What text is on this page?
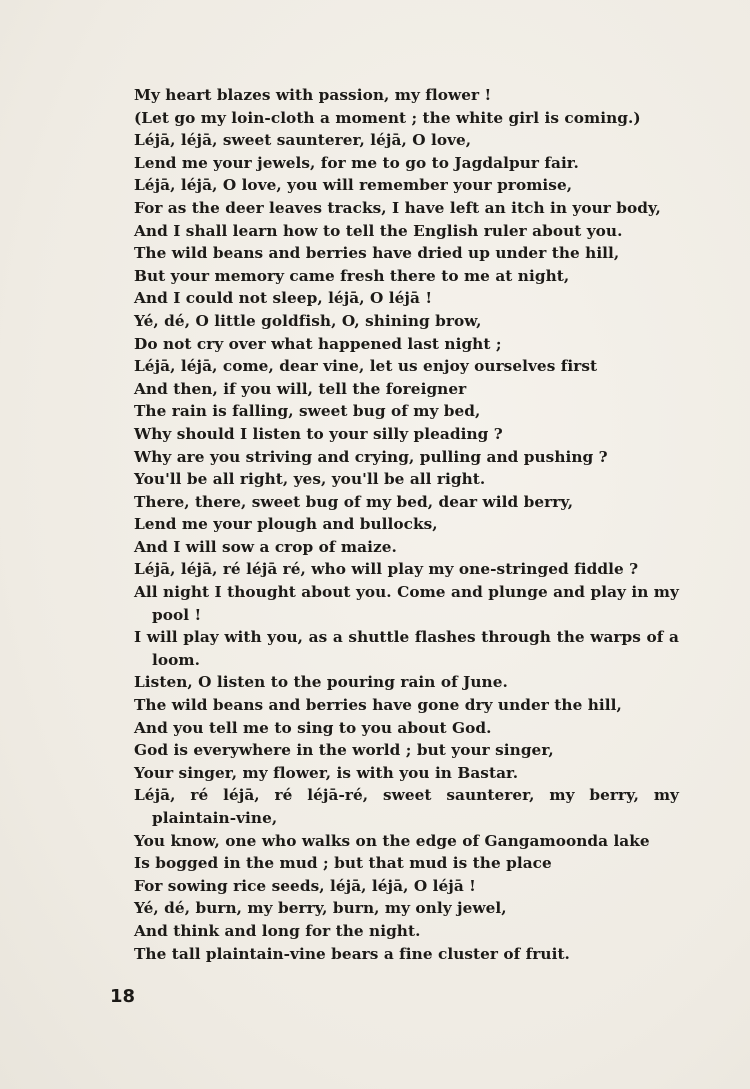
My heart blazes with passion, my flower !

(Let go my loin-cloth a moment ; the white girl is coming.)

Léjā, léjā, sweet saunterer, léjā, O love,

Lend me your jewels, for me to go to Jagdalpur fair.

Léjā, léjā, O love, you will remember your promise,

For as the deer leaves tracks, I have left an itch in your body,

And I shall learn how to tell the English ruler about you.

The wild beans and berries have dried up under the hill,

But your memory came fresh there to me at night,

And I could not sleep, léjā, O léjā !

Yé, dé, O little goldfish, O, shining brow,

Do not cry over what happened last night ;

Léjā, léjā, come, dear vine, let us enjoy ourselves first

And then, if you will, tell the foreigner

The rain is falling, sweet bug of my bed,

Why should I listen to your silly pleading ?

Why are you striving and crying, pulling and pushing ?

You'll be all right, yes, you'll be all right.

There, there, sweet bug of my bed, dear wild berry,

Lend me your plough and bullocks,

And I will sow a crop of maize.

Léjā, léjā, ré léjā ré, who will play my one-stringed fiddle ?

All night I thought about you. Come and plunge and play in my pool !

I will play with you, as a shuttle flashes through the warps of a loom.

Listen, O listen to the pouring rain of June.

The wild beans and berries have gone dry under the hill,

And you tell me to sing to you about God.

God is everywhere in the world ; but your singer,

Your singer, my flower, is with you in Bastar.

Léjā, ré léjā, ré léjā-ré, sweet saunterer, my berry, my plaintain-vine,

You know, one who walks on the edge of Gangamoonda lake

Is bogged in the mud ; but that mud is the place

For sowing rice seeds, léjā, léjā, O léjā !

Yé, dé, burn, my berry, burn, my only jewel,

And think and long for the night.

The tall plaintain-vine bears a fine cluster of fruit.

18
